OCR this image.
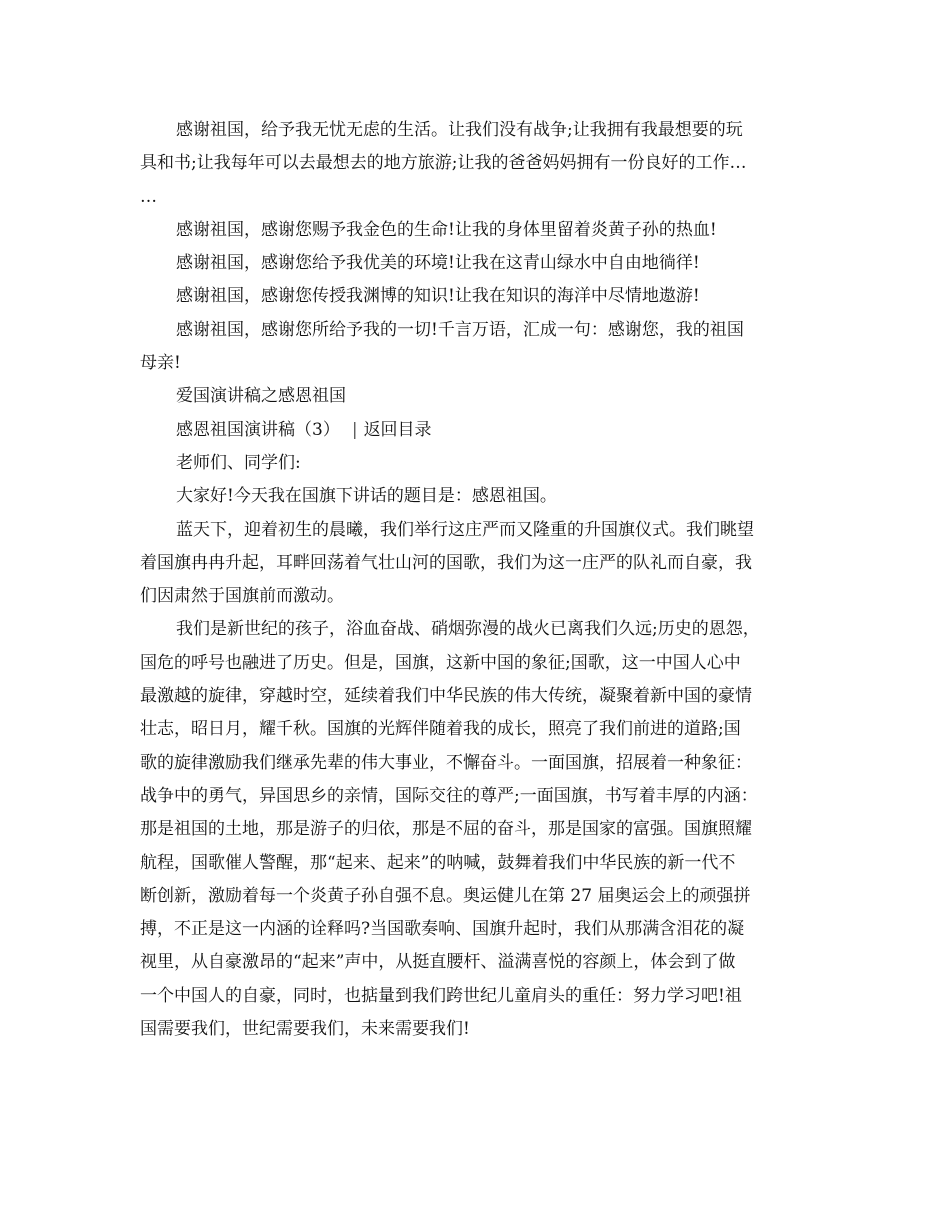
感谢祖国，给予我无忧无虑的生活。让我们没有战争;让我拥有我最想要的玩
具和书;让我每年可以去最想去的地方旅游;让我的爸爸妈妈拥有一份良好的工作…
…
感谢祖国，感谢您赐予我金色的生命!让我的身体里留着炎黄子孙的热血!
感谢祖国，感谢您给予我优美的环境!让我在这青山绿水中自由地徜徉!
感谢祖国，感谢您传授我渊博的知识!让我在知识的海洋中尽情地遨游!
感谢祖国，感谢您所给予我的一切!千言万语，汇成一句：感谢您，我的祖国
母亲!
爱国演讲稿之感恩祖国
感恩祖国演讲稿（3） | 返回目录
老师们、同学们:
大家好!今天我在国旗下讲话的题目是：感恩祖国。
蓝天下，迎着初生的晨曦，我们举行这庄严而又隆重的升国旗仪式。我们眺望
着国旗冉冉升起，耳畔回荡着气壮山河的国歌，我们为这一庄严的队礼而自豪，我
们因肃然于国旗前而激动。
我们是新世纪的孩子，浴血奋战、硝烟弥漫的战火已离我们久远;历史的恩怨，
国危的呼号也融进了历史。但是，国旗，这新中国的象征;国歌，这一中国人心中
最激越的旋律，穿越时空，延续着我们中华民族的伟大传统，凝聚着新中国的豪情
壮志，昭日月，耀千秋。国旗的光辉伴随着我的成长，照亮了我们前进的道路;国
歌的旋律激励我们继承先辈的伟大事业，不懈奋斗。一面国旗，招展着一种象征：
战争中的勇气，异国思乡的亲情，国际交往的尊严;一面国旗，书写着丰厚的内涵：
那是祖国的土地，那是游子的归依，那是不屈的奋斗，那是国家的富强。国旗照耀
航程，国歌催人警醒，那“起来、起来”的呐喊，鼓舞着我们中华民族的新一代不
断创新，激励着每一个炎黄子孙自强不息。奥运健儿在第 27 届奥运会上的顽强拼
搏，不正是这一内涵的诠释吗?当国歌奏响、国旗升起时，我们从那满含泪花的凝
视里，从自豪激昂的“起来”声中，从挺直腰杆、溢满喜悦的容颜上，体会到了做
一个中国人的自豪，同时，也掂量到我们跨世纪儿童肩头的重任：努力学习吧!祖
国需要我们，世纪需要我们，未来需要我们!
